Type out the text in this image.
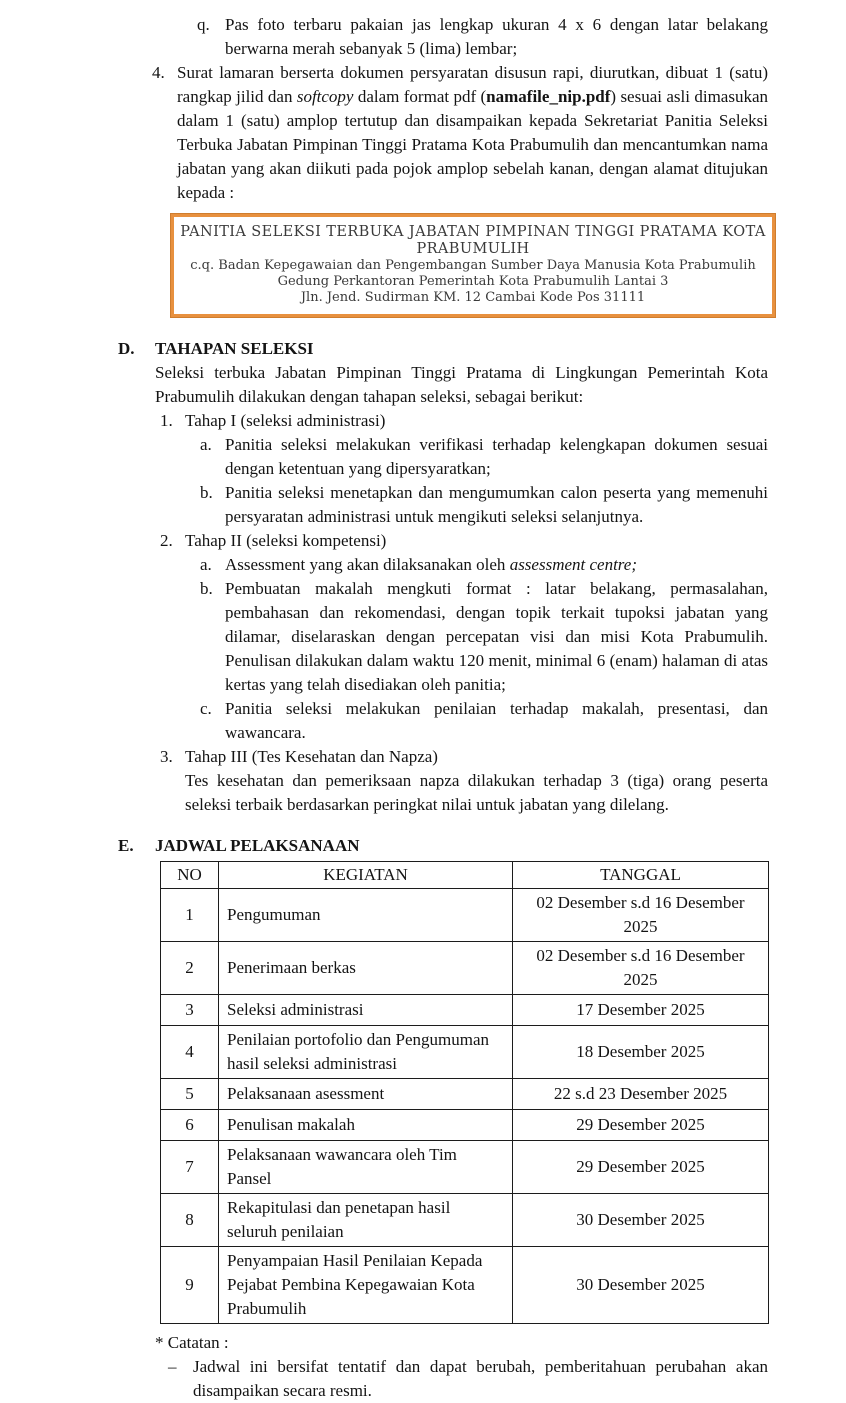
q. Pas foto terbaru pakaian jas lengkap ukuran 4 x 6 dengan latar belakang berwarna merah sebanyak 5 (lima) lembar;
4. Surat lamaran berserta dokumen persyaratan disusun rapi, diurutkan, dibuat 1 (satu) rangkap jilid dan softcopy dalam format pdf (namafile_nip.pdf) sesuai asli dimasukan dalam 1 (satu) amplop tertutup dan disampaikan kepada Sekretariat Panitia Seleksi Terbuka Jabatan Pimpinan Tinggi Pratama Kota Prabumulih dan mencantumkan nama jabatan yang akan diikuti pada pojok amplop sebelah kanan, dengan alamat ditujukan kepada :
PANITIA SELEKSI TERBUKA JABATAN PIMPINAN TINGGI PRATAMA KOTA PRABUMULIH
c.q. Badan Kepegawaian dan Pengembangan Sumber Daya Manusia Kota Prabumulih
Gedung Perkantoran Pemerintah Kota Prabumulih Lantai 3
Jln. Jend. Sudirman KM. 12 Cambai Kode Pos 31111
D.	TAHAPAN SELEKSI

Seleksi terbuka Jabatan Pimpinan Tinggi Pratama di Lingkungan Pemerintah Kota Prabumulih dilakukan dengan tahapan seleksi, sebagai berikut:

1. Tahap I (seleksi administrasi)
a. Panitia seleksi melakukan verifikasi terhadap kelengkapan dokumen sesuai dengan ketentuan yang dipersyaratkan;
b. Panitia seleksi menetapkan dan mengumumkan calon peserta yang memenuhi persyaratan administrasi untuk mengikuti seleksi selanjutnya.
2. Tahap II (seleksi kompetensi)
a. Assessment yang akan dilaksanakan oleh assessment centre;
b. Pembuatan makalah mengkuti format : latar belakang, permasalahan, pembahasan dan rekomendasi, dengan topik terkait tupoksi jabatan yang dilamar, diselaraskan dengan percepatan visi dan misi Kota Prabumulih. Penulisan dilakukan dalam waktu 120 menit, minimal 6 (enam) halaman di atas kertas yang telah disediakan oleh panitia;
c. Panitia seleksi melakukan penilaian terhadap makalah, presentasi, dan wawancara.
3. Tahap III (Tes Kesehatan dan Napza)
Tes kesehatan dan pemeriksaan napza dilakukan terhadap 3 (tiga) orang peserta seleksi terbaik berdasarkan peringkat nilai untuk jabatan yang dilelang.
E.	JADWAL PELAKSANAAN
NO	KEGIATAN	TANGGAL
1	Pengumuman	02 Desember s.d 16 Desember 2025
2	Penerimaan berkas	02 Desember s.d 16 Desember 2025
3	Seleksi administrasi	17 Desember 2025
4	Penilaian portofolio dan Pengumuman hasil seleksi administrasi	18 Desember 2025
5	Pelaksanaan asessment	22 s.d 23 Desember 2025
6	Penulisan makalah	29 Desember 2025
7	Pelaksanaan wawancara oleh Tim Pansel	29 Desember 2025
8	Rekapitulasi dan penetapan hasil seluruh penilaian	30 Desember 2025
9	Penyampaian Hasil Penilaian Kepada Pejabat Pembina Kepegawaian Kota Prabumulih	30 Desember 2025
* Catatan :
– Jadwal ini bersifat tentatif dan dapat berubah, pemberitahuan perubahan akan disampaikan secara resmi.
